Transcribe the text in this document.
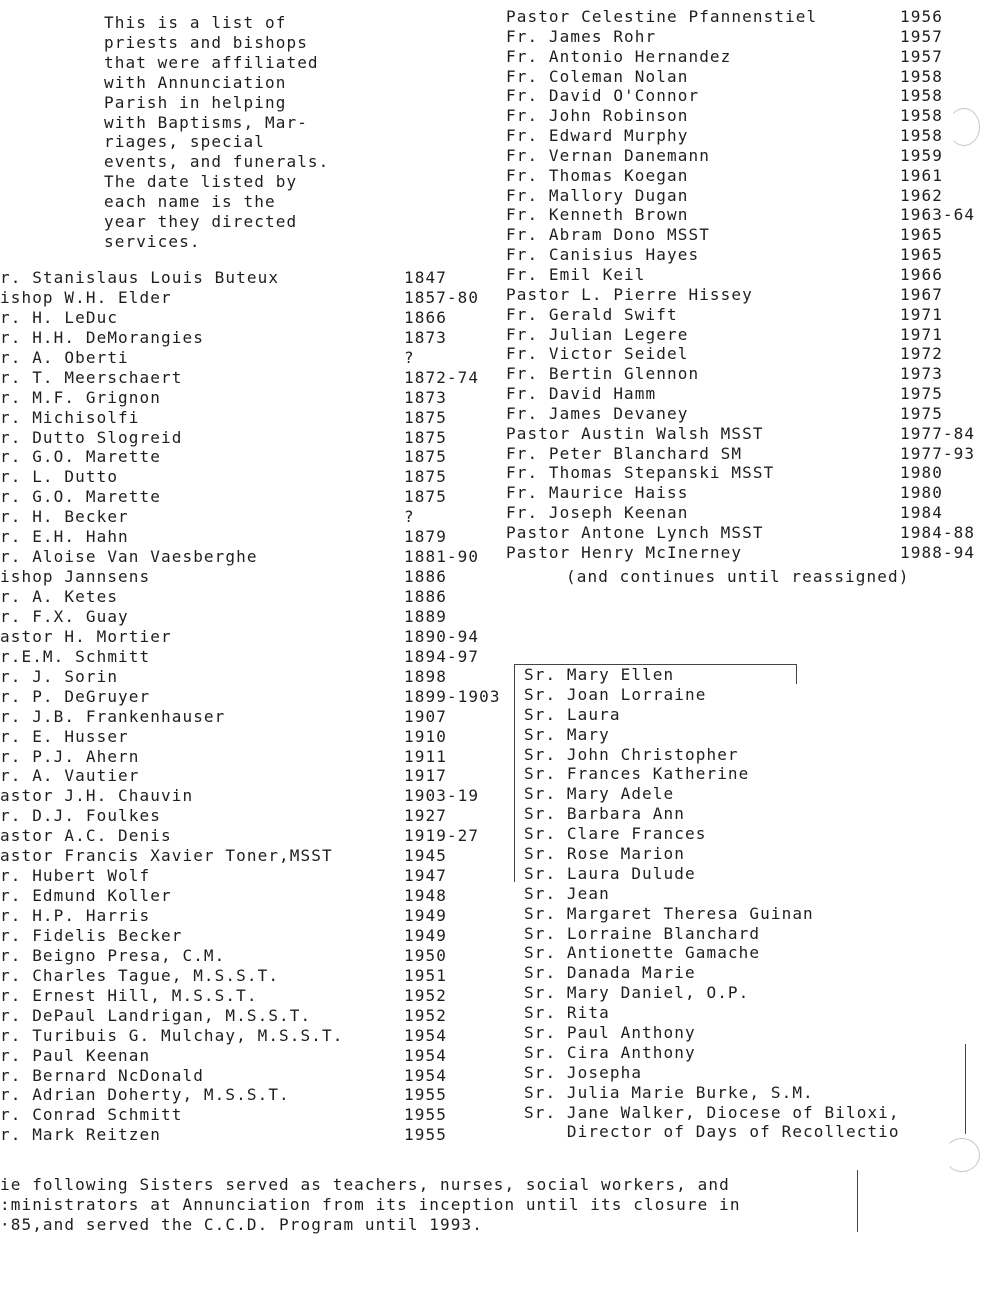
This is a list of
priests and bishops
that were affiliated
with Annunciation
Parish in helping
with Baptisms, Mar-
riages, special
events, and funerals.
The date listed by
each name is the
year they directed
services.

r. Stanislaus Louis Buteux	1847
ishop W.H. Elder	1857-80
r. H. LeDuc	1866
r. H.H. DeMorangies	1873
r. A. Oberti	?
r. T. Meerschaert	1872-74
r. M.F. Grignon	1873
r. Michisolfi	1875
r. Dutto Slogreid	1875
r. G.O. Marette	1875
r. L. Dutto	1875
r. G.O. Marette	1875
r. H. Becker	?
r. E.H. Hahn	1879
r. Aloise Van Vaesberghe	1881-90
ishop Jannsens	1886
r. A. Ketes	1886
r. F.X. Guay	1889
astor H. Mortier	1890-94
r.E.M. Schmitt	1894-97
r. J. Sorin	1898
r. P. DeGruyer	1899-1903
r. J.B. Frankenhauser	1907
r. E. Husser	1910
r. P.J. Ahern	1911
r. A. Vautier	1917
astor J.H. Chauvin	1903-19
r. D.J. Foulkes	1927
astor A.C. Denis	1919-27
astor Francis Xavier Toner,MSST	1945
r. Hubert Wolf	1947
r. Edmund Koller	1948
r. H.P. Harris	1949
r. Fidelis Becker	1949
r. Beigno Presa, C.M.	1950
r. Charles Tague, M.S.S.T.	1951
r. Ernest Hill, M.S.S.T.	1952
r. DePaul Landrigan, M.S.S.T.	1952
r. Turibuis G. Mulchay, M.S.S.T.	1954
r. Paul Keenan	1954
r. Bernard NcDonald	1954
r. Adrian Doherty, M.S.S.T.	1955
r. Conrad Schmitt	1955
r. Mark Reitzen	1955
Pastor Celestine Pfannenstiel	1956
Fr. James Rohr	1957
Fr. Antonio Hernandez	1957
Fr. Coleman Nolan	1958
Fr. David O'Connor	1958
Fr. John Robinson	1958
Fr. Edward Murphy	1958
Fr. Vernan Danemann	1959
Fr. Thomas Koegan	1961
Fr. Mallory Dugan	1962
Fr. Kenneth Brown	1963-64
Fr. Abram Dono MSST	1965
Fr. Canisius Hayes	1965
Fr. Emil Keil	1966
Pastor L. Pierre Hissey	1967
Fr. Gerald Swift	1971
Fr. Julian Legere	1971
Fr. Victor Seidel	1972
Fr. Bertin Glennon	1973
Fr. David Hamm	1975
Fr. James Devaney	1975
Pastor Austin Walsh MSST	1977-84
Fr. Peter Blanchard SM	1977-93
Fr. Thomas Stepanski MSST	1980
Fr. Maurice Haiss	1980
Fr. Joseph Keenan	1984
Pastor Antone Lynch MSST	1984-88
Pastor Henry McInerney	1988-94
(and continues until reassigned)
Sr. Mary Ellen
Sr. Joan Lorraine
Sr. Laura
Sr. Mary
Sr. John Christopher
Sr. Frances Katherine
Sr. Mary Adele
Sr. Barbara Ann
Sr. Clare Frances
Sr. Rose Marion
Sr. Laura Dulude
Sr. Jean
Sr. Margaret Theresa Guinan
Sr. Lorraine Blanchard
Sr. Antionette Gamache
Sr. Danada Marie
Sr. Mary Daniel, O.P.
Sr. Rita
Sr. Paul Anthony
Sr. Cira Anthony
Sr. Josepha
Sr. Julia Marie Burke, S.M.
Sr. Jane Walker, Diocese of Biloxi,
Director of Days of Recollectio

ie following Sisters served as teachers, nurses, social workers, and
:ministrators at Annunciation from its inception until its closure in
·85,and served the C.C.D. Program until 1993.
